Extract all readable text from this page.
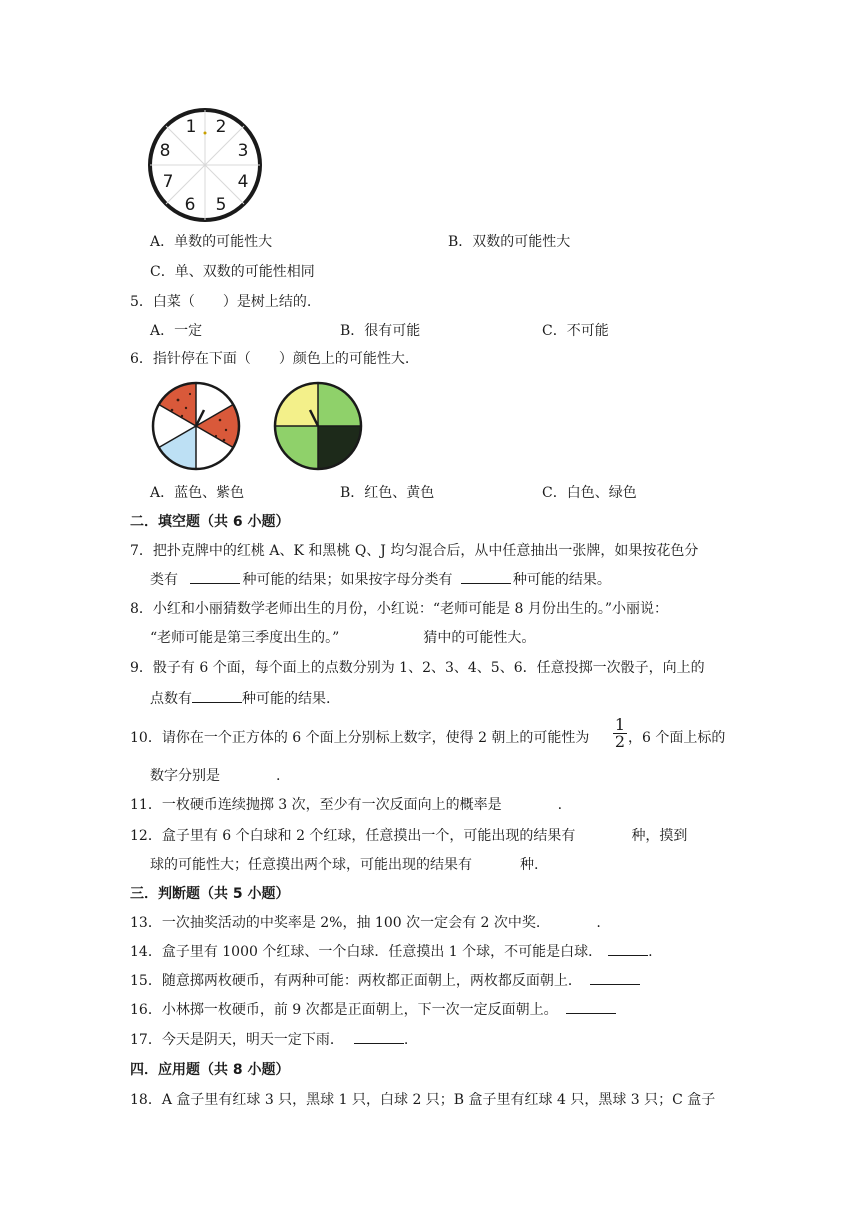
1 2
3
4
5
6
7
8
A．单数的可能性大	B．双数的可能性大
C．单、双数的可能性相同
5．白菜（　　）是树上结的.
A．一定	B．很有可能	C．不可能
6．指针停在下面（　　）颜色上的可能性大.
A．蓝色、紫色	B．红色、黄色	C．白色、绿色
二．填空题（共 6 小题）
7．把扑克牌中的红桃 A、K 和黑桃 Q、J 均匀混合后，从中任意抽出一张牌，如果按花色分
类有	种可能的结果；如果按字母分类有	种可能的结果。
8．小红和小丽猜数学老师出生的月份，小红说：“老师可能是 8 月份出生的。”小丽说：
“老师可能是第三季度出生的。”	猜中的可能性大。
9．骰子有 6 个面，每个面上的点数分别为 1、2、3、4、5、6．任意投掷一次骰子，向上的
点数有	种可能的结果.
10．请你在一个正方体的 6 个面上分别标上数字，使得 2 朝上的可能性为 $\frac{1}{2}$ ，6 个面上标的
数字分别是　　　　.
11．一枚硬币连续抛掷 3 次，至少有一次反面向上的概率是　　　　.
12．盒子里有 6 个白球和 2 个红球，任意摸出一个，可能出现的结果有	种，摸到
球的可能性大；任意摸出两个球，可能出现的结果有	种.
三．判断题（共 5 小题）
13．一次抽奖活动的中奖率是 2%，抽 100 次一定会有 2 次中奖.　　　　.
14．盒子里有 1000 个红球、一个白球．任意摸出 1 个球，不可能是白球．	.
15．随意掷两枚硬币，有两种可能：两枚都正面朝上，两枚都反面朝上．
16．小林掷一枚硬币，前 9 次都是正面朝上，下一次一定反面朝上。
17．今天是阴天，明天一定下雨．	.
四．应用题（共 8 小题）
18．A 盒子里有红球 3 只，黑球 1 只，白球 2 只；B 盒子里有红球 4 只，黑球 3 只；C 盒子
